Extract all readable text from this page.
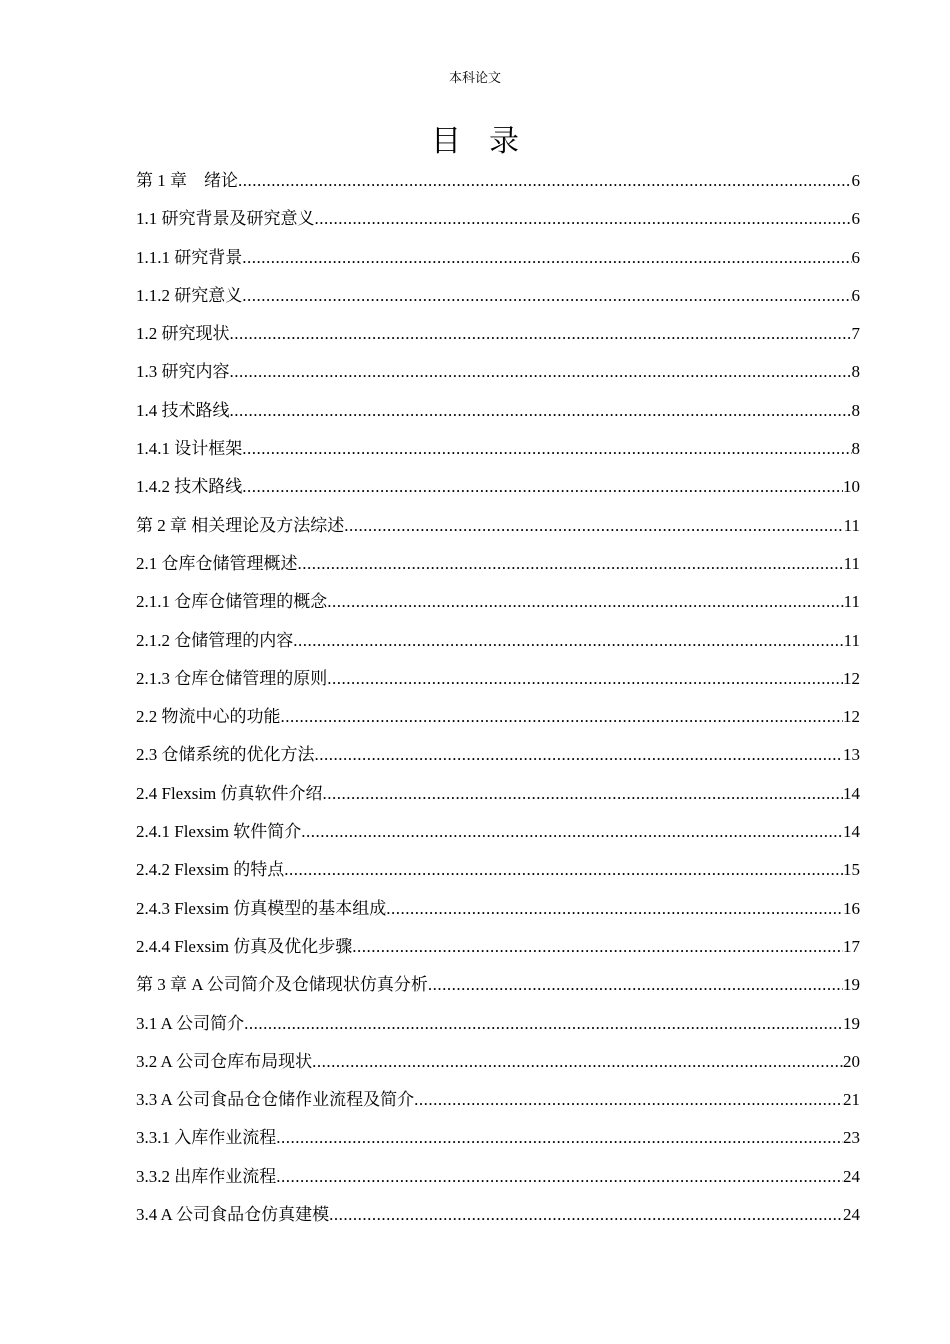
本科论文
目录
第 1 章　绪论 .....	6
1.1 研究背景及研究意义 .....	6
1.1.1 研究背景 .....	6
1.1.2 研究意义 .....	6
1.2 研究现状 .....	7
1.3 研究内容 .....	8
1.4 技术路线 .....	8
1.4.1 设计框架 .....	8
1.4.2 技术路线 .....	10
第 2 章 相关理论及方法综述 .....	11
2.1 仓库仓储管理概述 .....	11
2.1.1 仓库仓储管理的概念 .....	11
2.1.2 仓储管理的内容 .....	11
2.1.3 仓库仓储管理的原则 .....	12
2.2 物流中心的功能 .....	12
2.3 仓储系统的优化方法 .....	13
2.4 Flexsim 仿真软件介绍 .....	14
2.4.1 Flexsim 软件简介 .....	14
2.4.2 Flexsim 的特点 .....	15
2.4.3 Flexsim 仿真模型的基本组成 .....	16
2.4.4 Flexsim 仿真及优化步骤 .....	17
第 3 章 A 公司简介及仓储现状仿真分析 .....	19
3.1 A 公司简介 .....	19
3.2 A 公司仓库布局现状 .....	20
3.3 A 公司食品仓仓储作业流程及简介 .....	21
3.3.1 入库作业流程 .....	23
3.3.2 出库作业流程 .....	24
3.4 A 公司食品仓仿真建模 .....	24
